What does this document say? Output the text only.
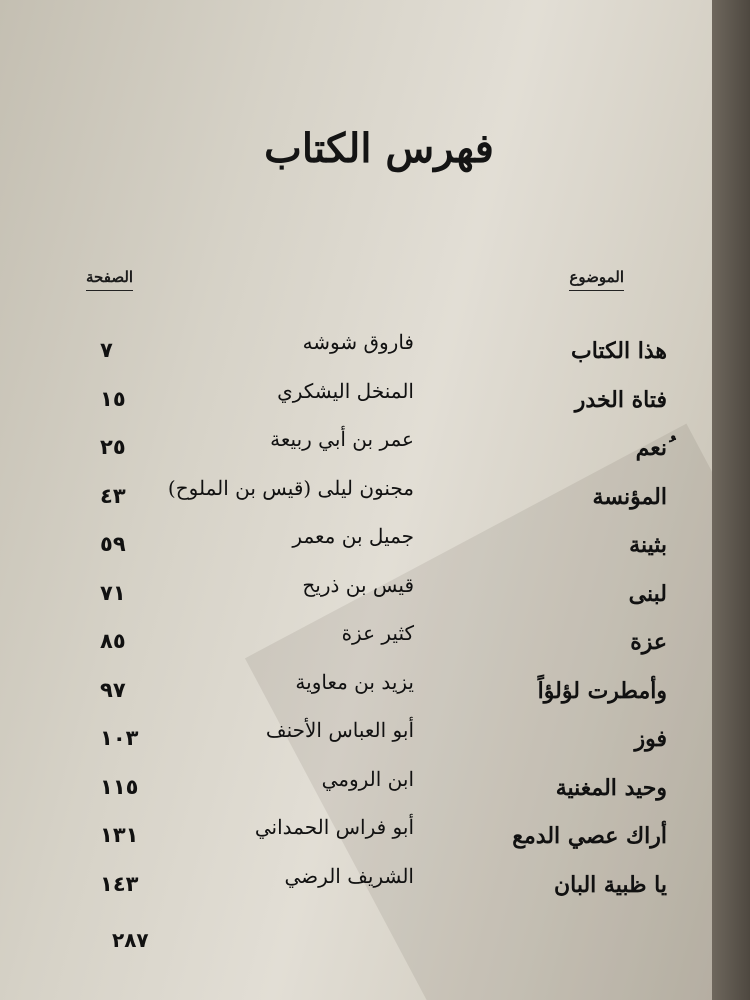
فهرس الكتاب
الموضوع
الصفحة
هذا الكتاب
فاروق شوشه
٧
فتاة الخدر
المنخل اليشكري
١٥
ُنعم
عمر بن أبي ربيعة
٢٥
المؤنسة
مجنون ليلى (قيس بن الملوح)
٤٣
بثينة
جميل بن معمر
٥٩
لبنى
قيس بن ذريح
٧١
عزة
كثير عزة
٨٥
وأمطرت لؤلؤاً
يزيد بن معاوية
٩٧
فوز
أبو العباس الأحنف
١٠٣
وحيد المغنية
ابن الرومي
١١٥
أراك عصي الدمع
أبو فراس الحمداني
١٣١
يا ظبية البان
الشريف الرضي
١٤٣
٢٨٧
